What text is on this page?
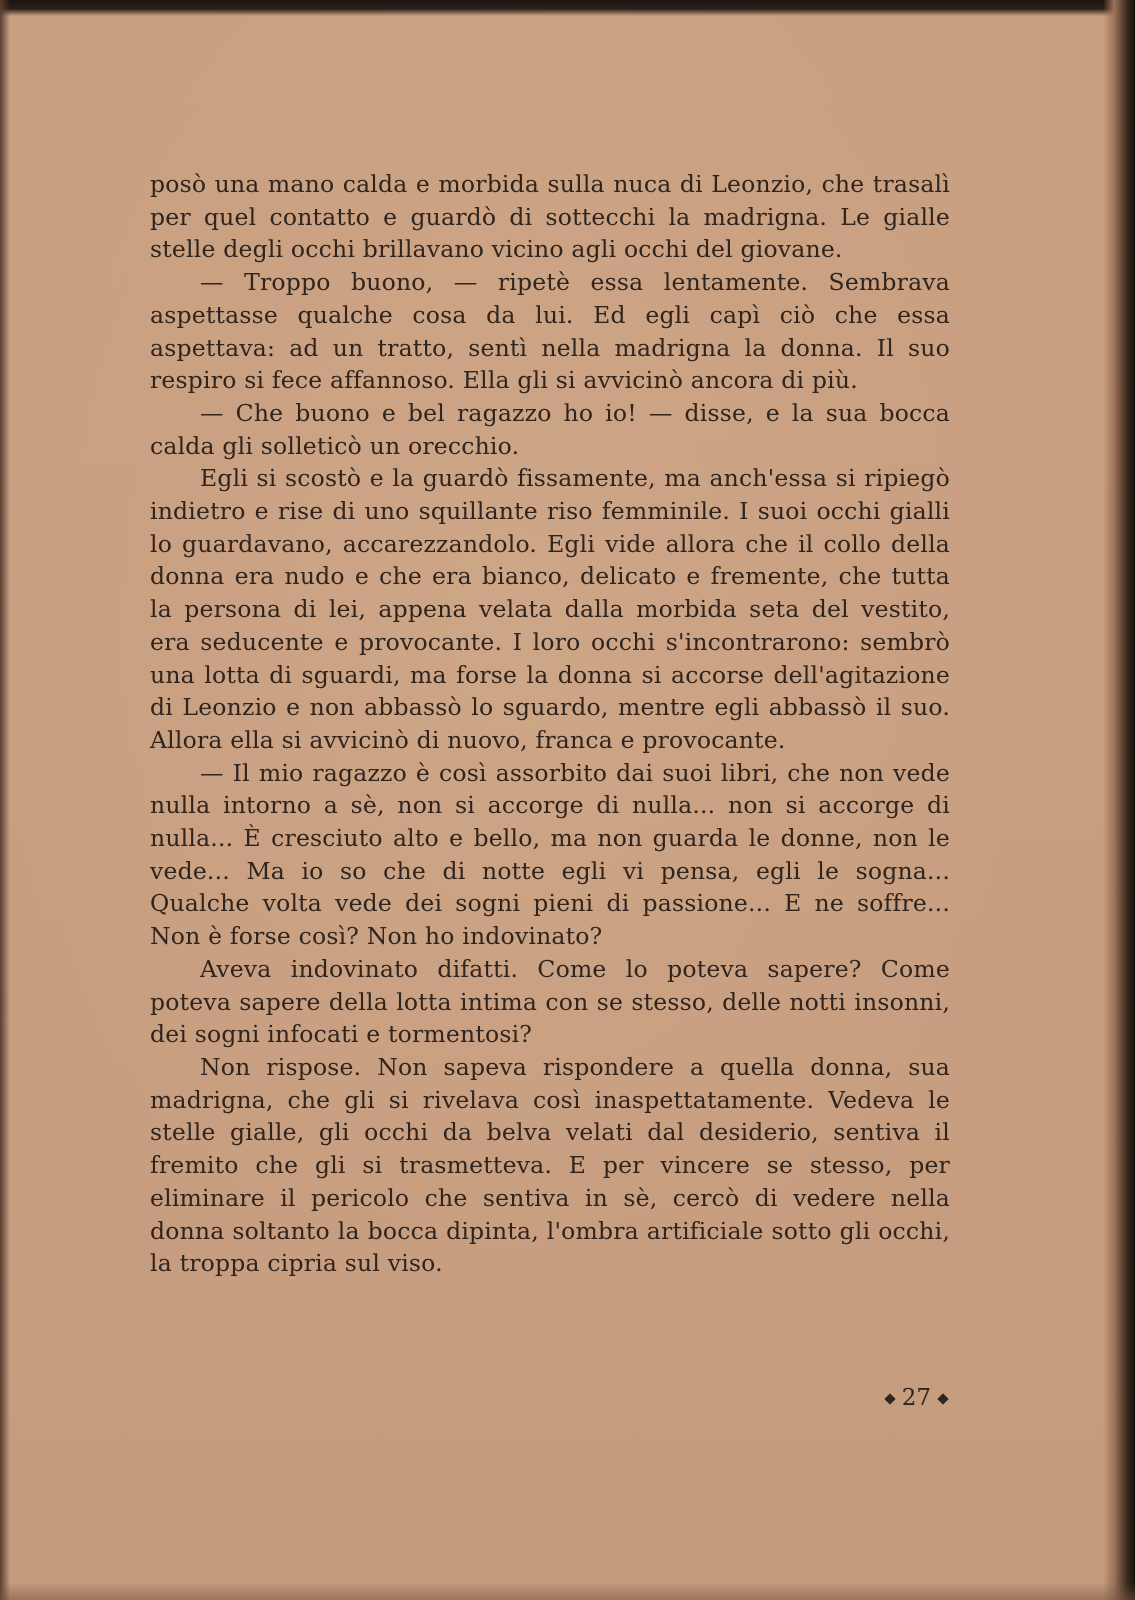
posò una mano calda e morbida sulla nuca di Leonzio, che trasalì per quel contatto e guardò di sottecchi la madrigna. Le gialle stelle degli occhi brillavano vicino agli occhi del giovane.

— Troppo buono, — ripetè essa lentamente. Sembrava aspettasse qualche cosa da lui. Ed egli capì ciò che essa aspettava: ad un tratto, sentì nella madrigna la donna. Il suo respiro si fece affannoso. Ella gli si avvicinò ancora di più.

— Che buono e bel ragazzo ho io! — disse, e la sua bocca calda gli solleticò un orecchio.

Egli si scostò e la guardò fissamente, ma anch'essa si ripiegò indietro e rise di uno squillante riso femminile. I suoi occhi gialli lo guardavano, accarezzandolo. Egli vide allora che il collo della donna era nudo e che era bianco, delicato e fremente, che tutta la persona di lei, appena velata dalla morbida seta del vestito, era seducente e provocante. I loro occhi s'incontrarono: sembrò una lotta di sguardi, ma forse la donna si accorse dell'agitazione di Leonzio e non abbassò lo sguardo, mentre egli abbassò il suo. Allora ella si avvicinò di nuovo, franca e provocante.

— Il mio ragazzo è così assorbito dai suoi libri, che non vede nulla intorno a sè, non si accorge di nulla... non si accorge di nulla... È cresciuto alto e bello, ma non guarda le donne, non le vede... Ma io so che di notte egli vi pensa, egli le sogna... Qualche volta vede dei sogni pieni di passione... E ne soffre... Non è forse così? Non ho indovinato?

Aveva indovinato difatti. Come lo poteva sapere? Come poteva sapere della lotta intima con se stesso, delle notti insonni, dei sogni infocati e tormentosi?

Non rispose. Non sapeva rispondere a quella donna, sua madrigna, che gli si rivelava così inaspettatamente. Vedeva le stelle gialle, gli occhi da belva velati dal desiderio, sentiva il fremito che gli si trasmetteva. E per vincere se stesso, per eliminare il pericolo che sentiva in sè, cercò di vedere nella donna soltanto la bocca dipinta, l'ombra artificiale sotto gli occhi, la troppa cipria sul viso.

27
